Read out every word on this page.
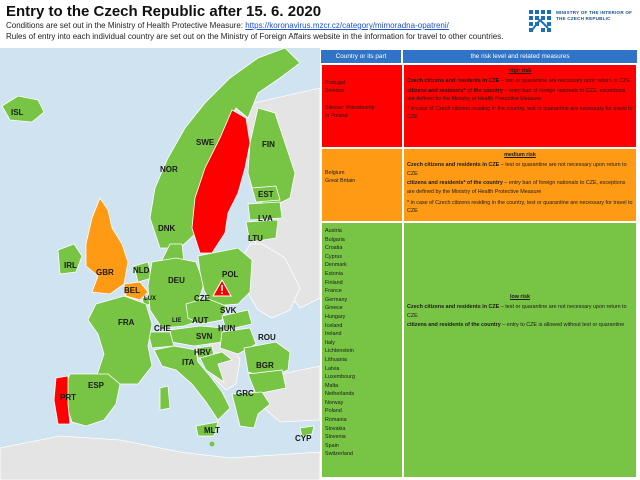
Entry to the Czech Republic after 15. 6. 2020
Conditions are set out in the Ministry of Health Protective Measure: https://koronavirus.mzcr.cz/category/mimoradna-opatreni/
Rules of entry into each individual country are set out on the Ministry of Foreign Affairs website in the information for travel to other countries.
MINISTRY OF THE INTERIOR OF THE CZECH REPUBLIC
ISL
NOR
SWE	FIN
EST
LVA
LTU
DNK
IRL
GBR NLD
BEL
LUX
DEU
POL
CZE
SVK
AUT
HUN
CHE
LIE
FRA
SVN
HRV
ITA
ROU
BGR
GRC
ESP
PRT
MLT
CYP
Country or its part	the risk level and related measures
Portugal
Sweden
Silesian Voivodeship
in Poland
high risk
Czech citizens and residents in CZE – test or quarantine are necessary upon return to CZE
citizens and residents* of the country – entry ban of foreign nationals to CZE, exceptions are defined by the Ministry of Health Protective Measure
* in case of Czech citizens residing in the country, test or quarantine are necessary for travel to CZE
Belgium
Great Britain
medium risk
Czech citizens and residents in CZE – test or quarantine are not necessary upon return to CZE
citizens and residents* of the country – entry ban of foreign nationals to CZE, exceptions are defined by the Ministry of Health Protective Measure
* in case of Czech citizens residing in the country, test or quarantine are necessary for travel to CZE
Austria
Bulgaria
Croatia
Cyprus
Denmark
Estonia
Finland
France
Germany
Greece
Hungary
Iceland
Ireland
Italy
Lichtenstein
Lithuania
Latvia
Luxembourg
Malta
Netherlands
Norway
Poland
Romania
Slovakia
Slovenia
Spain
Switzerland
low risk
Czech citizens and residents in CZE – test or quarantine are not necessary upon return to CZE
citizens and residents of the country – entry to CZE is allowed without test or quarantine
